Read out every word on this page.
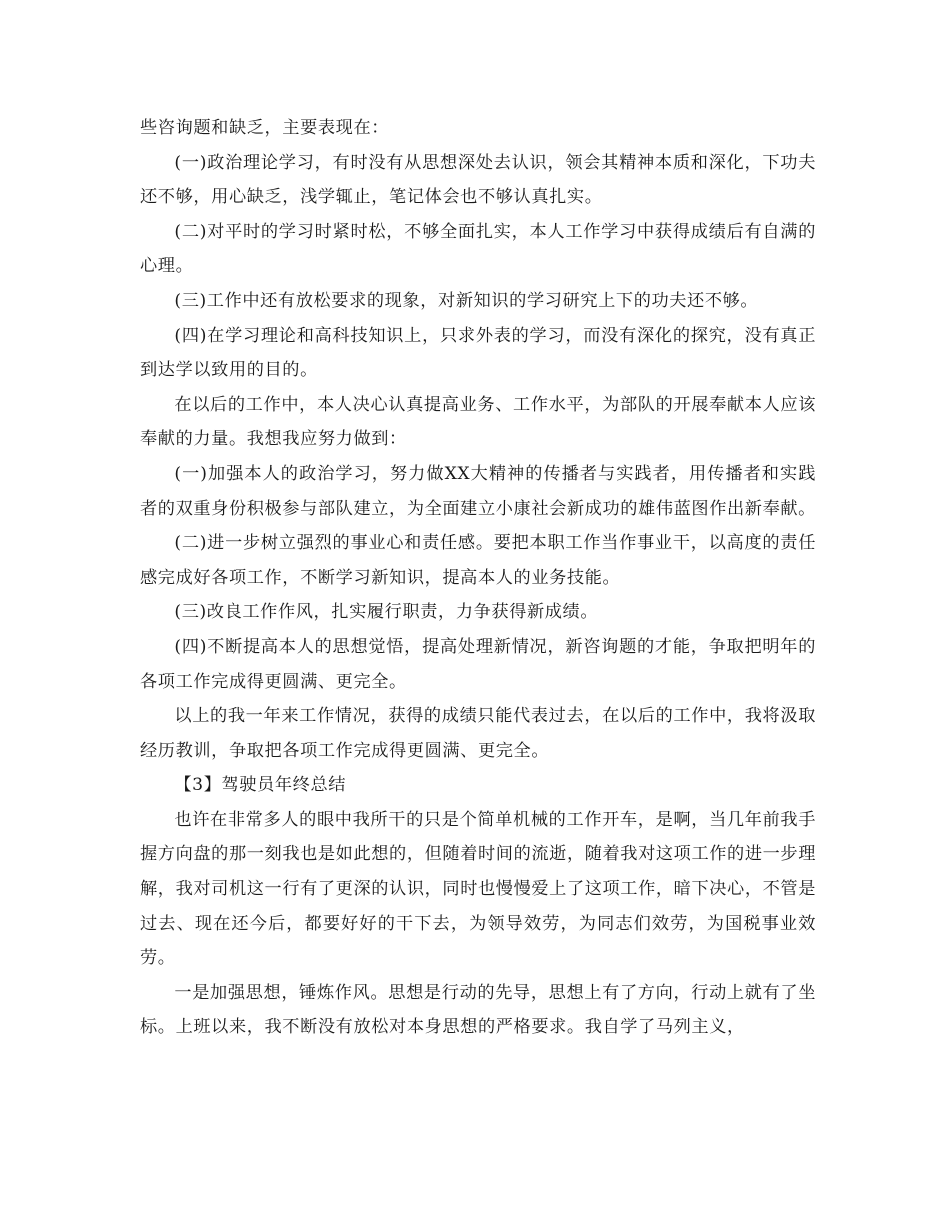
些咨询题和缺乏，主要表现在：

(一)政治理论学习，有时没有从思想深处去认识，领会其精神本质和深化，下功夫还不够，用心缺乏，浅学辄止，笔记体会也不够认真扎实。

(二)对平时的学习时紧时松，不够全面扎实，本人工作学习中获得成绩后有自满的心理。

(三)工作中还有放松要求的现象，对新知识的学习研究上下的功夫还不够。

(四)在学习理论和高科技知识上，只求外表的学习，而没有深化的探究，没有真正到达学以致用的目的。

在以后的工作中，本人决心认真提高业务、工作水平，为部队的开展奉献本人应该奉献的力量。我想我应努力做到：

(一)加强本人的政治学习，努力做XX大精神的传播者与实践者，用传播者和实践者的双重身份积极参与部队建立，为全面建立小康社会新成功的雄伟蓝图作出新奉献。

(二)进一步树立强烈的事业心和责任感。要把本职工作当作事业干，以高度的责任感完成好各项工作，不断学习新知识，提高本人的业务技能。

(三)改良工作作风，扎实履行职责，力争获得新成绩。

(四)不断提高本人的思想觉悟，提高处理新情况，新咨询题的才能，争取把明年的各项工作完成得更圆满、更完全。

以上的我一年来工作情况，获得的成绩只能代表过去，在以后的工作中，我将汲取经历教训，争取把各项工作完成得更圆满、更完全。

【3】驾驶员年终总结

也许在非常多人的眼中我所干的只是个简单机械的工作开车，是啊，当几年前我手握方向盘的那一刻我也是如此想的，但随着时间的流逝，随着我对这项工作的进一步理解，我对司机这一行有了更深的认识，同时也慢慢爱上了这项工作，暗下决心，不管是过去、现在还今后，都要好好的干下去，为领导效劳，为同志们效劳，为国税事业效劳。

一是加强思想，锤炼作风。思想是行动的先导，思想上有了方向，行动上就有了坐标。上班以来，我不断没有放松对本身思想的严格要求。我自学了马列主义，
